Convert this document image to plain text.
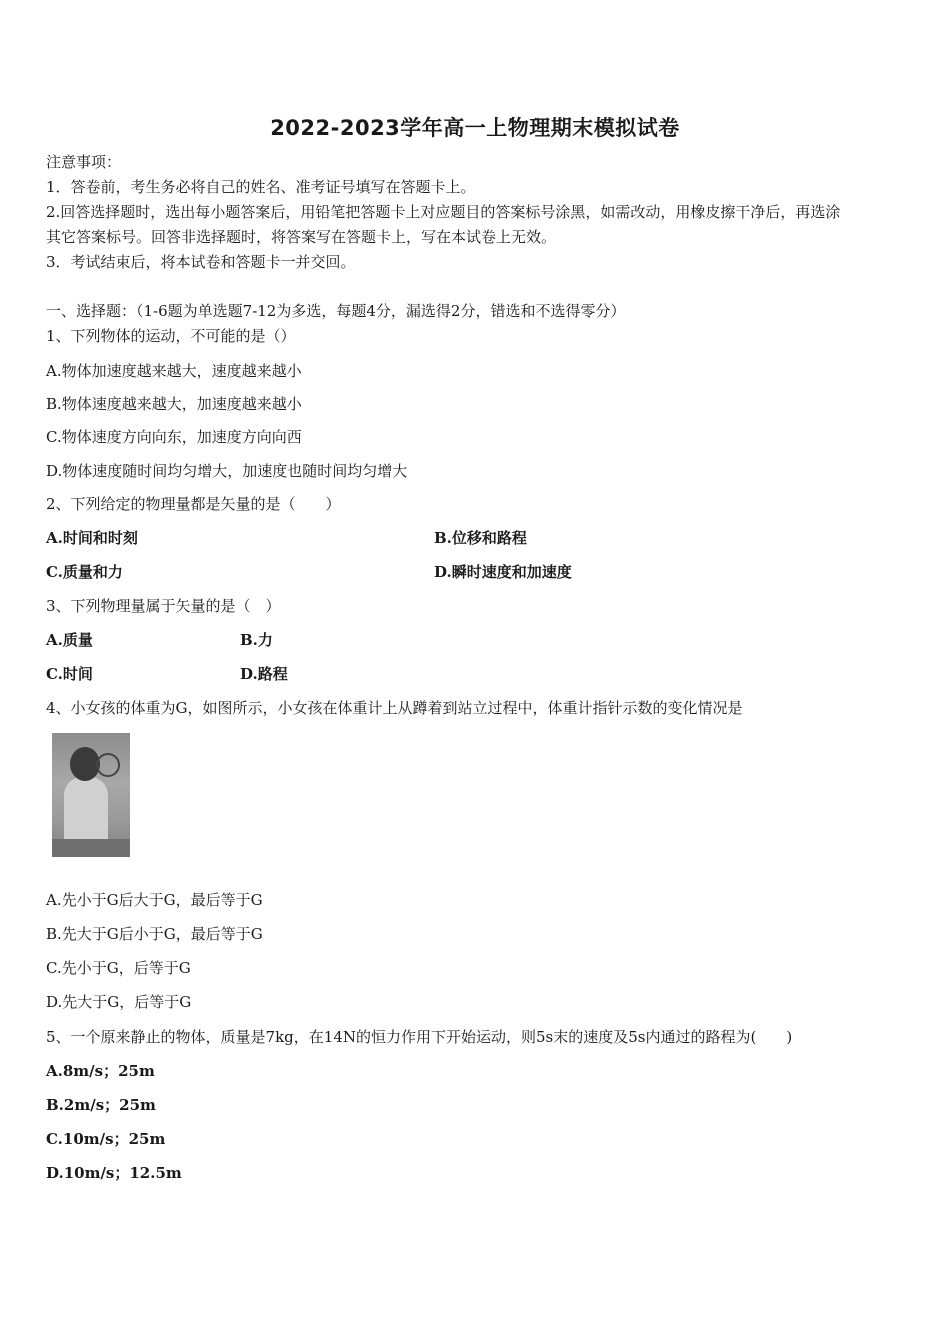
2022-2023学年高一上物理期末模拟试卷
注意事项：
1．答卷前，考生务必将自己的姓名、准考证号填写在答题卡上。
2.回答选择题时，选出每小题答案后，用铅笔把答题卡上对应题目的答案标号涂黑，如需改动，用橡皮擦干净后，再选涂
其它答案标号。回答非选择题时，将答案写在答题卡上，写在本试卷上无效。
3．考试结束后，将本试卷和答题卡一并交回。
一、选择题：（1-6题为单选题7-12为多选，每题4分，漏选得2分，错选和不选得零分）
1、下列物体的运动，不可能的是（）
A.物体加速度越来越大，速度越来越小
B.物体速度越来越大，加速度越来越小
C.物体速度方向向东，加速度方向向西
D.物体速度随时间均匀增大，加速度也随时间均匀增大
2、下列给定的物理量都是矢量的是（　　）
A.时间和时刻	B.位移和路程
C.质量和力	D.瞬时速度和加速度
3、下列物理量属于矢量的是（　）
A.质量	B.力
C.时间	D.路程
4、小女孩的体重为G，如图所示，小女孩在体重计上从蹲着到站立过程中，体重计指针示数的变化情况是
A.先小于G后大于G，最后等于G
B.先大于G后小于G，最后等于G
C.先小于G，后等于G
D.先大于G，后等于G
5、一个原来静止的物体，质量是7kg，在14N的恒力作用下开始运动，则5s末的速度及5s内通过的路程为(　　)
A.8m/s；25m
B.2m/s；25m
C.10m/s；25m
D.10m/s；12.5m
